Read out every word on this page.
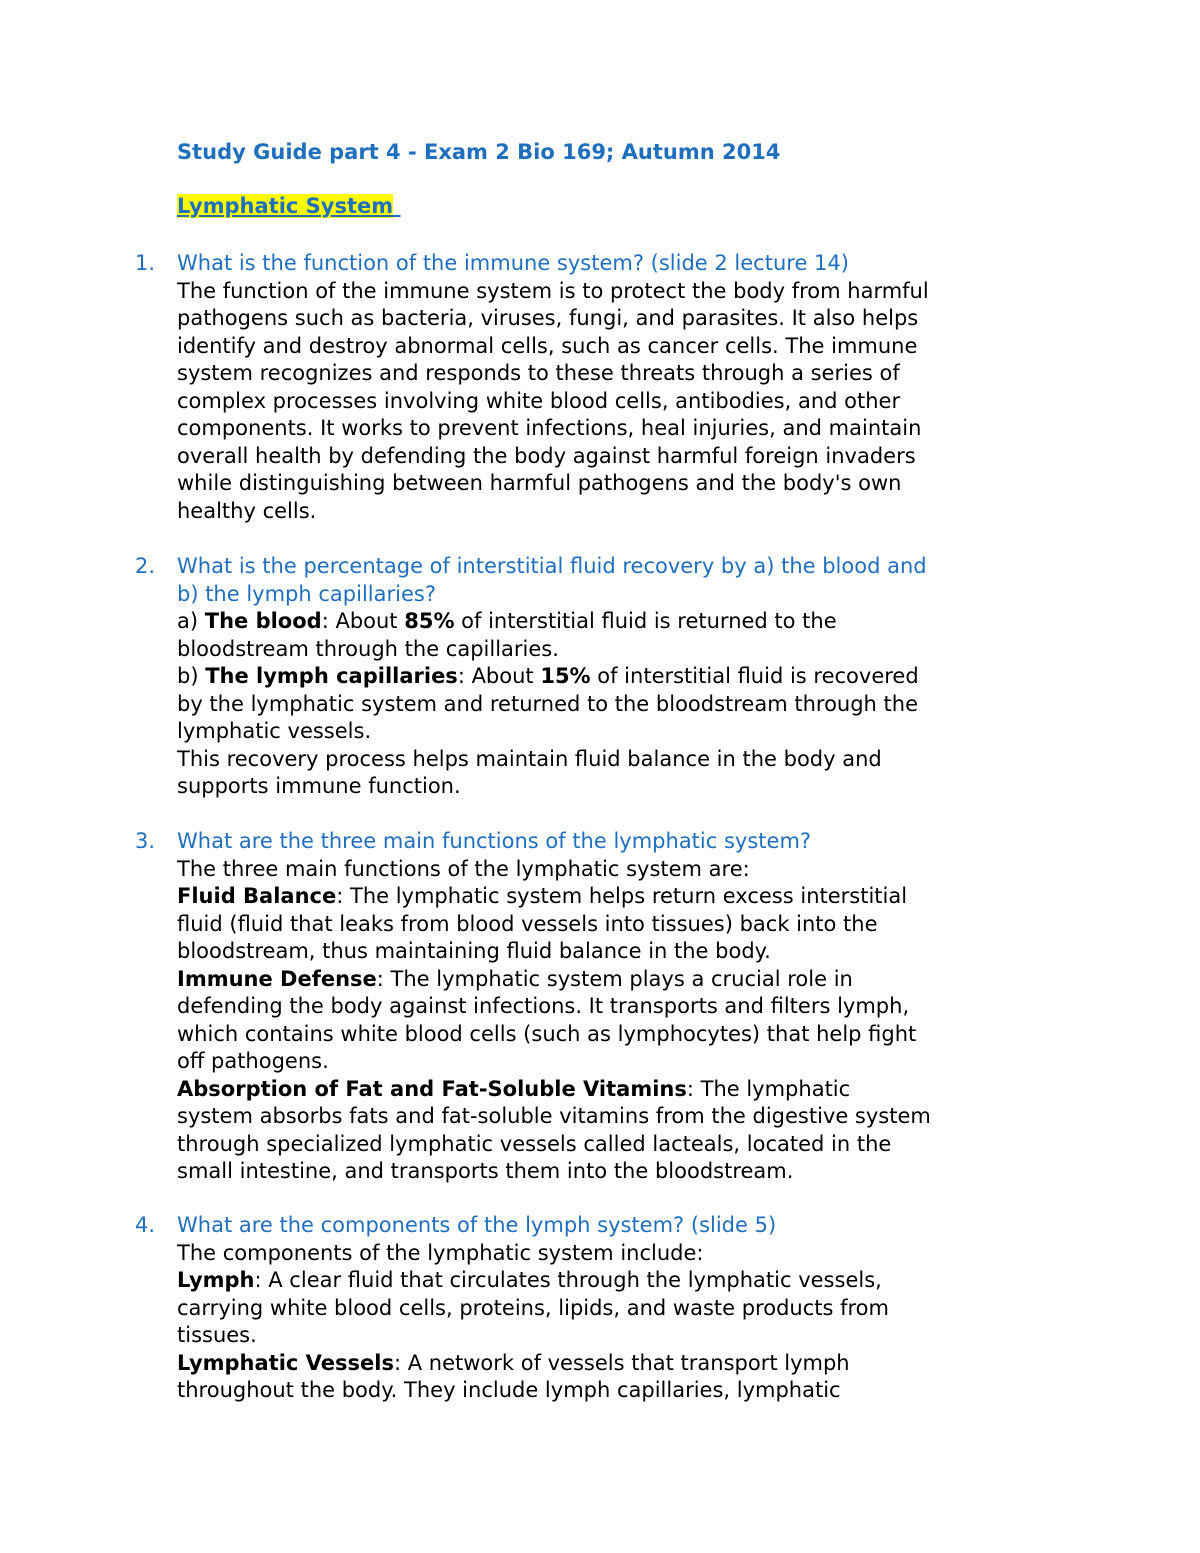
Study Guide part 4 - Exam 2 Bio 169; Autumn 2014
Lymphatic System
1. What is the function of the immune system? (slide 2 lecture 14)
The function of the immune system is to protect the body from harmful
pathogens such as bacteria, viruses, fungi, and parasites. It also helps
identify and destroy abnormal cells, such as cancer cells. The immune
system recognizes and responds to these threats through a series of
complex processes involving white blood cells, antibodies, and other
components. It works to prevent infections, heal injuries, and maintain
overall health by defending the body against harmful foreign invaders
while distinguishing between harmful pathogens and the body's own
healthy cells.
2. What is the percentage of interstitial fluid recovery by a) the blood and
b) the lymph capillaries?
a) The blood: About 85% of interstitial fluid is returned to the
bloodstream through the capillaries.
b) The lymph capillaries: About 15% of interstitial fluid is recovered
by the lymphatic system and returned to the bloodstream through the
lymphatic vessels.
This recovery process helps maintain fluid balance in the body and
supports immune function.
3. What are the three main functions of the lymphatic system?
The three main functions of the lymphatic system are:
Fluid Balance: The lymphatic system helps return excess interstitial
fluid (fluid that leaks from blood vessels into tissues) back into the
bloodstream, thus maintaining fluid balance in the body.
Immune Defense: The lymphatic system plays a crucial role in
defending the body against infections. It transports and filters lymph,
which contains white blood cells (such as lymphocytes) that help fight
off pathogens.
Absorption of Fat and Fat-Soluble Vitamins: The lymphatic
system absorbs fats and fat-soluble vitamins from the digestive system
through specialized lymphatic vessels called lacteals, located in the
small intestine, and transports them into the bloodstream.
4. What are the components of the lymph system? (slide 5)
The components of the lymphatic system include:
Lymph: A clear fluid that circulates through the lymphatic vessels,
carrying white blood cells, proteins, lipids, and waste products from
tissues.
Lymphatic Vessels: A network of vessels that transport lymph
throughout the body. They include lymph capillaries, lymphatic
